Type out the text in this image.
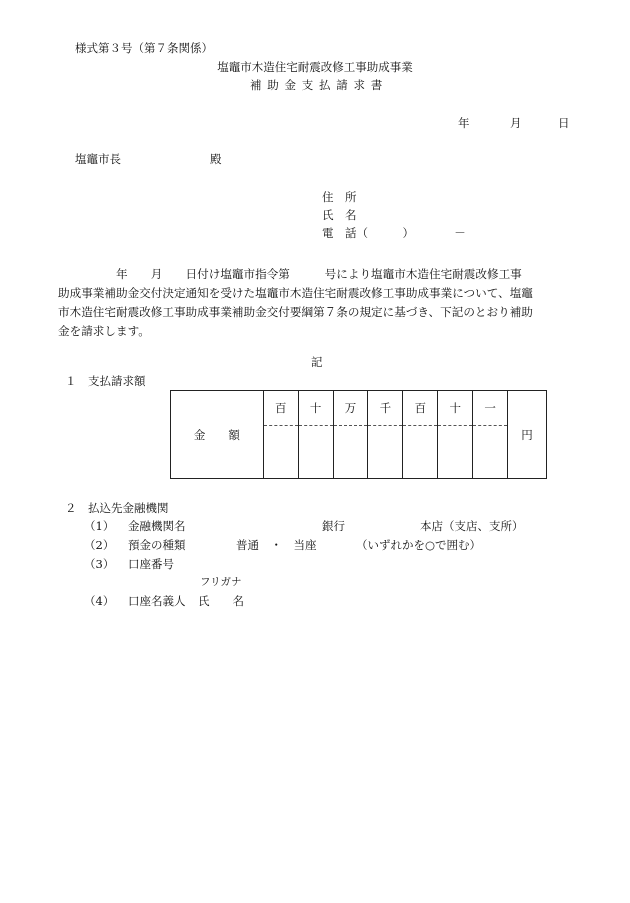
様式第３号（第７条関係）
塩竈市木造住宅耐震改修工事助成事業
補助金支払請求書
年	月	日
塩竈市長	殿
住　所
氏　名
電　話（　　　）　　　　－
　　　　　年　　月　　日付け塩竈市指令第　　　号により塩竈市木造住宅耐震改修工事
助成事業補助金交付決定通知を受けた塩竈市木造住宅耐震改修工事助成事業について、塩竈
市木造住宅耐震改修工事助成事業補助金交付要綱第７条の規定に基づき、下記のとおり補助
金を請求します。
記
１　支払請求額
金　　額	百	十	万	千	百	十	一	円

２　払込先金融機関
（1） 金融機関名	銀行	本店（支店、支所）
（2） 預金の種類	普通　・　当座	（いずれかを○で囲む）
（3） 口座番号
フリガナ
（4） 口座名義人 氏　　名
